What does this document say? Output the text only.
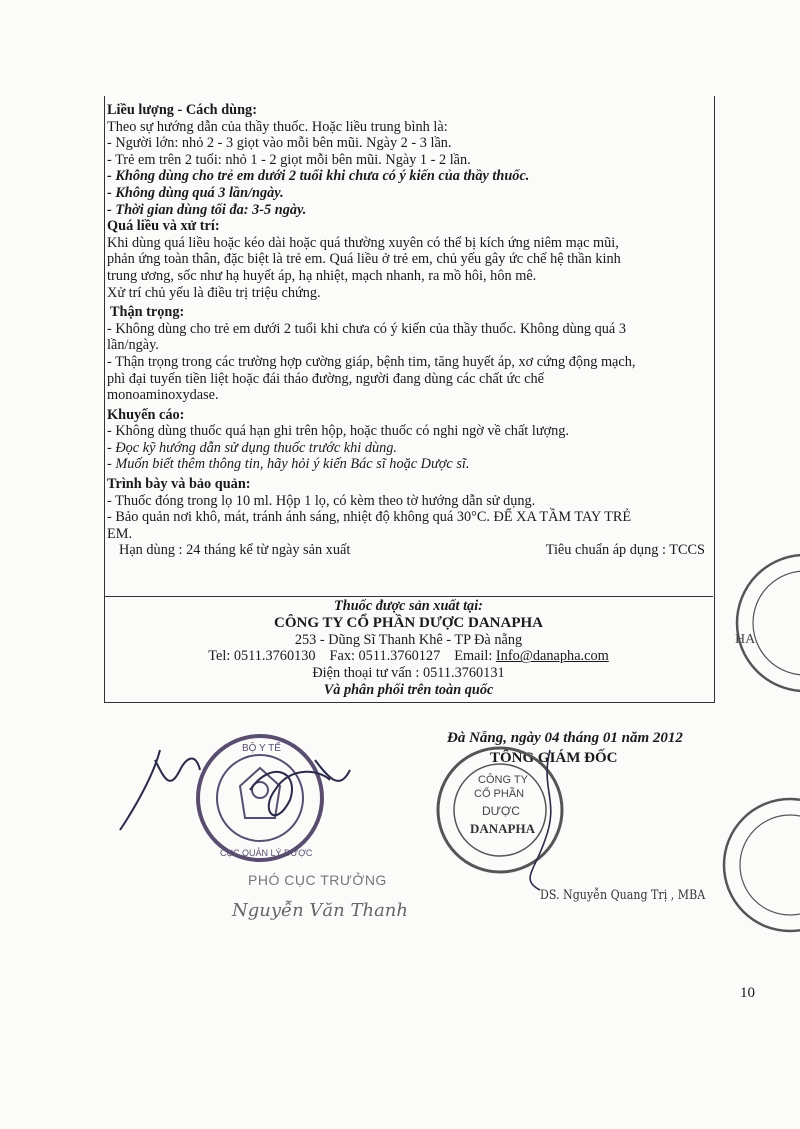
Liều lượng - Cách dùng:

Theo sự hướng dẫn của thầy thuốc. Hoặc liều trung bình là:

- Người lớn: nhỏ 2 - 3 giọt vào mỗi bên mũi. Ngày 2 - 3 lần.

- Trẻ em trên 2 tuổi: nhỏ 1 - 2 giọt mỗi bên mũi. Ngày 1 - 2 lần.

- Không dùng cho trẻ em dưới 2 tuổi khi chưa có ý kiến của thầy thuốc.

- Không dùng quá 3 lần/ngày.

- Thời gian dùng tối đa: 3-5 ngày.

Quá liều và xử trí:

Khi dùng quá liều hoặc kéo dài hoặc quá thường xuyên có thể bị kích ứng niêm mạc mũi,

phản ứng toàn thân, đặc biệt là trẻ em. Quá liều ở trẻ em, chủ yếu gây ức chế hệ thần kinh

trung ương, sốc như hạ huyết áp, hạ nhiệt, mạch nhanh, ra mồ hôi, hôn mê.

Xử trí chủ yếu là điều trị triệu chứng.

Thận trọng:

- Không dùng cho trẻ em dưới 2 tuổi khi chưa có ý kiến của thầy thuốc. Không dùng quá 3

lần/ngày.

- Thận trọng trong các trường hợp cường giáp, bệnh tim, tăng huyết áp, xơ cứng động mạch,

phì đại tuyến tiền liệt hoặc đái tháo đường, người đang dùng các chất ức chế

monoaminoxydase.

Khuyến cáo:

- Không dùng thuốc quá hạn ghi trên hộp, hoặc thuốc có nghi ngờ về chất lượng.

- Đọc kỹ hướng dẫn sử dụng thuốc trước khi dùng.

- Muốn biết thêm thông tin, hãy hỏi ý kiến Bác sĩ hoặc Dược sĩ.

Trình bày và bảo quản:

- Thuốc đóng trong lọ 10 ml. Hộp 1 lọ, có kèm theo tờ hướng dẫn sử dụng.

- Bảo quản nơi khô, mát, tránh ánh sáng, nhiệt độ không quá 30°C. ĐỂ XA TẦM TAY TRẺ

EM.

Hạn dùng : 24 tháng kể từ ngày sản xuất	Tiêu chuẩn áp dụng : TCCS

Thuốc được sản xuất tại:

CÔNG TY CỔ PHẦN DƯỢC DANAPHA

253 - Dũng Sĩ Thanh Khê - TP Đà nẵng

Tel: 0511.3760130 Fax: 0511.3760127 Email: Info@danapha.com

Điện thoại tư vấn : 0511.3760131

Và phân phối trên toàn quốc

BỘ Y TẾ
CỤC QUẢN LÝ DƯỢC
Đà Nẵng, ngày 04 tháng 01 năm 2012
TỔNG GIÁM ĐỐC
CÔNG TY
CỔ PHẦN
DƯỢC
DANAPHA
HA
PHÓ CỤC TRƯỞNG
Nguyễn Văn Thanh
DS. Nguyễn Quang Trị , MBA
10
